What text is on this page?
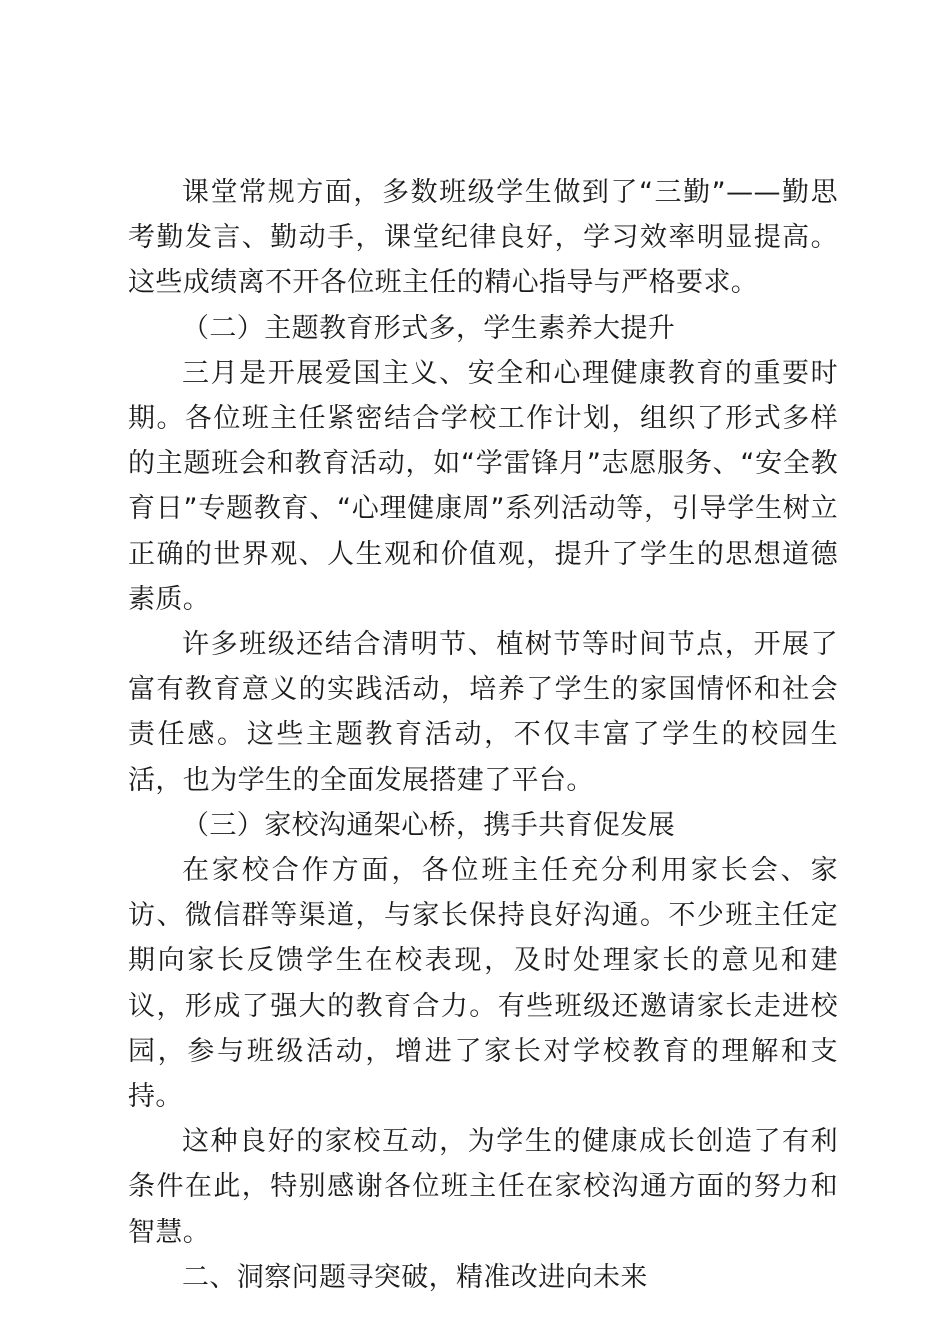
课堂常规方面，多数班级学生做到了“三勤”——勤思考勤发言、勤动手，课堂纪律良好，学习效率明显提高。这些成绩离不开各位班主任的精心指导与严格要求。

（二）主题教育形式多，学生素养大提升

三月是开展爱国主义、安全和心理健康教育的重要时期。各位班主任紧密结合学校工作计划，组织了形式多样的主题班会和教育活动，如“学雷锋月”志愿服务、“安全教育日”专题教育、“心理健康周”系列活动等，引导学生树立正确的世界观、人生观和价值观，提升了学生的思想道德素质。

许多班级还结合清明节、植树节等时间节点，开展了富有教育意义的实践活动，培养了学生的家国情怀和社会责任感。这些主题教育活动，不仅丰富了学生的校园生活，也为学生的全面发展搭建了平台。

（三）家校沟通架心桥，携手共育促发展

在家校合作方面，各位班主任充分利用家长会、家访、微信群等渠道，与家长保持良好沟通。不少班主任定期向家长反馈学生在校表现，及时处理家长的意见和建议，形成了强大的教育合力。有些班级还邀请家长走进校园，参与班级活动，增进了家长对学校教育的理解和支持。

这种良好的家校互动，为学生的健康成长创造了有利条件在此，特别感谢各位班主任在家校沟通方面的努力和智慧。

二、洞察问题寻突破，精准改进向未来
